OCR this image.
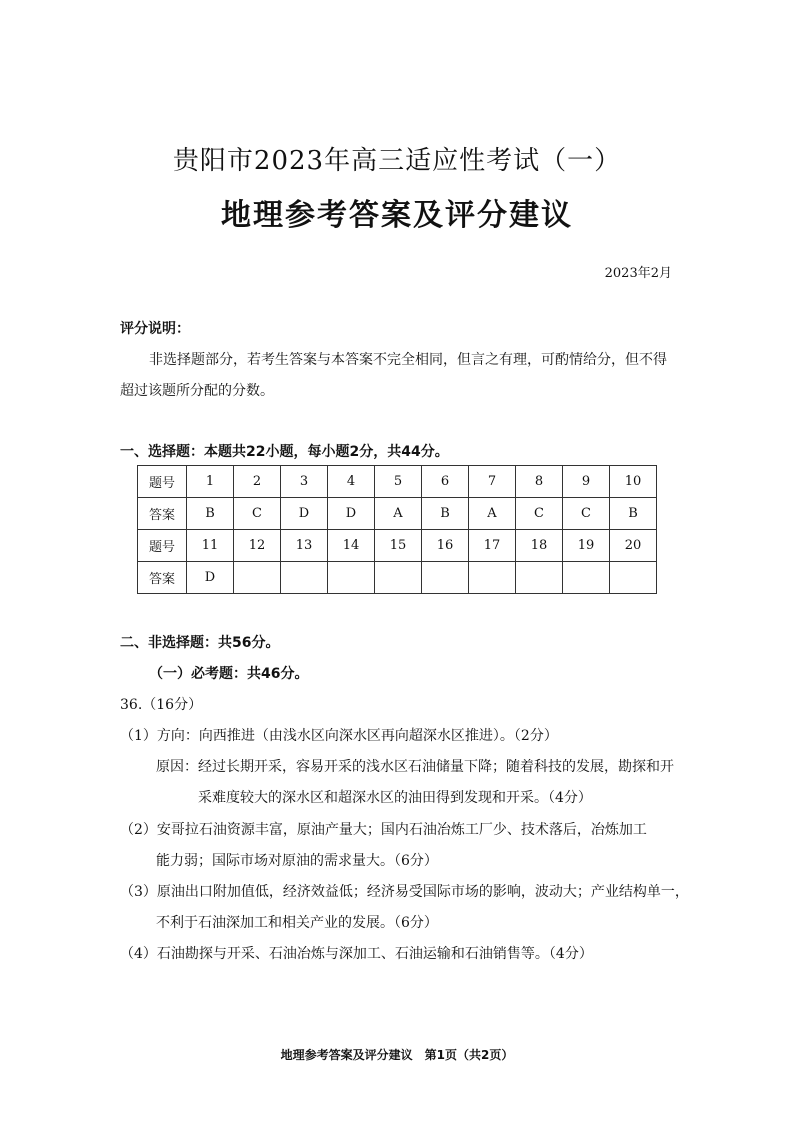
贵阳市2023年高三适应性考试（一）
地理参考答案及评分建议
2023年2月
评分说明：
非选择题部分，若考生答案与本答案不完全相同，但言之有理，可酌情给分，但不得
超过该题所分配的分数。
一、选择题：本题共22小题，每小题2分，共44分。
题号	1	2	3	4	5	6	7	8	9	10
答案	B	C	D	D	A	B	A	C	C	B
题号	11	12	13	14	15	16	17	18	19	20
答案	D									
二、非选择题：共56分。
（一）必考题：共46分。
36.（16分）
（1）方向：向西推进（由浅水区向深水区再向超深水区推进）。（2分）
原因：经过长期开采，容易开采的浅水区石油储量下降；随着科技的发展，勘探和开
采难度较大的深水区和超深水区的油田得到发现和开采。（4分）
（2）安哥拉石油资源丰富，原油产量大；国内石油冶炼工厂少、技术落后，冶炼加工
能力弱；国际市场对原油的需求量大。（6分）
（3）原油出口附加值低，经济效益低；经济易受国际市场的影响，波动大；产业结构单一，
不利于石油深加工和相关产业的发展。（6分）
（4）石油勘探与开采、石油冶炼与深加工、石油运输和石油销售等。（4分）
地理参考答案及评分建议　第1页（共2页）
